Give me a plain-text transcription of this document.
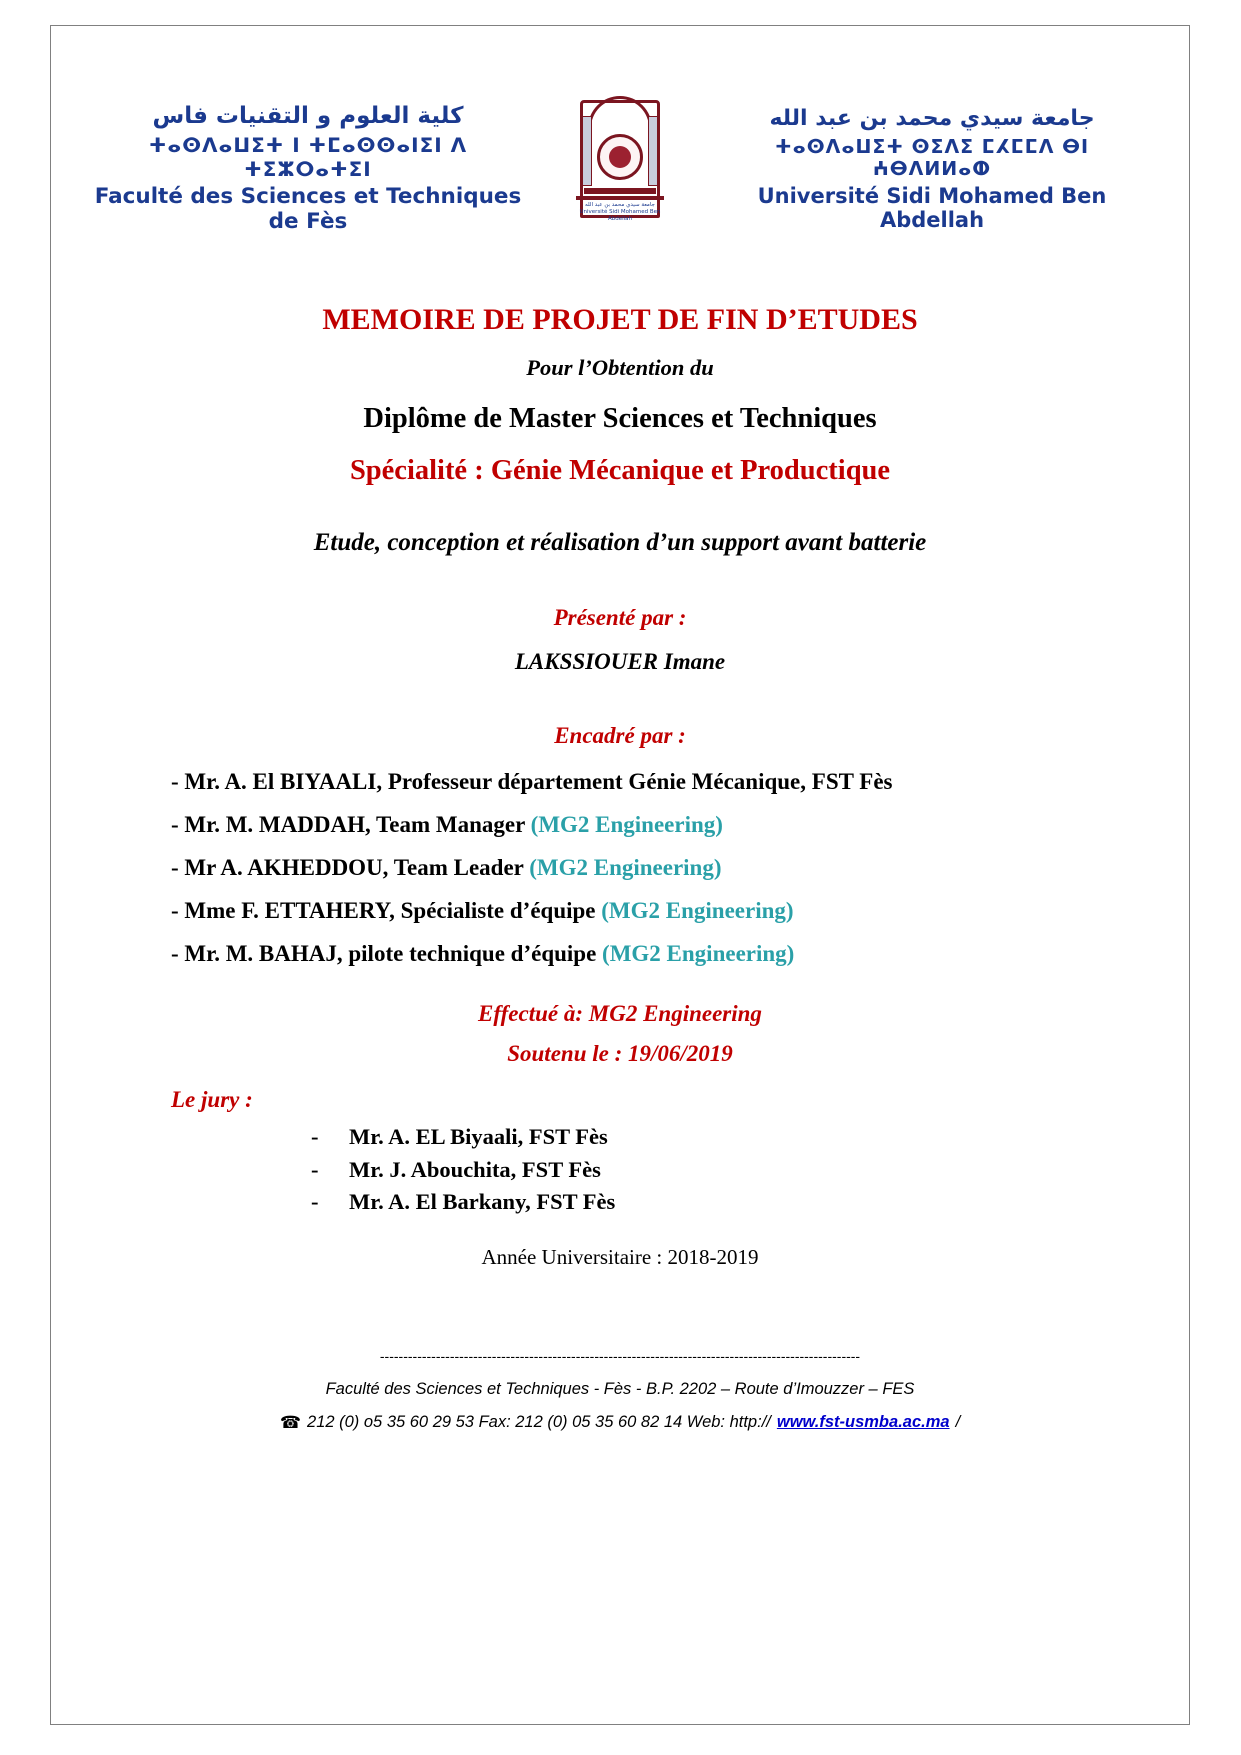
كلية العلوم و التقنيات فاس
ⵜⴰⵙⴷⴰⵡⵉⵜ ⵏ ⵜⵎⴰⵙⵙⴰⵏⵉⵏ ⴷ ⵜⵉⵣⵔⴰⵜⵉⵏ
Faculté des Sciences et Techniques de Fès
جامعة سيدي محمد بن عبد الله Université Sidi Mohamed Ben Abdellah
جامعة سيدي محمد بن عبد الله
ⵜⴰⵙⴷⴰⵡⵉⵜ ⵙⵉⴷⵉ ⵎⵃⵎⵎⴷ ⴱⵏ ⵄⴱⴷⵍⵍⴰⵀ
Université Sidi Mohamed Ben Abdellah
MEMOIRE DE PROJET DE FIN D’ETUDES
Pour l’Obtention du
Diplôme de Master Sciences et Techniques
Spécialité : Génie Mécanique et Productique
Etude, conception et réalisation d’un support avant batterie
Présenté par :
LAKSSIOUER Imane
Encadré par :
- Mr. A. El BIYAALI, Professeur département Génie Mécanique, FST Fès
- Mr. M. MADDAH, Team Manager (MG2 Engineering)
- Mr A. AKHEDDOU, Team Leader (MG2 Engineering)
- Mme F. ETTAHERY, Spécialiste d’équipe (MG2 Engineering)
- Mr. M. BAHAJ, pilote technique d’équipe (MG2 Engineering)
Effectué à: MG2 Engineering
Soutenu le : 19/06/2019
Le jury :
- Mr. A. EL Biyaali, FST Fès
- Mr. J. Abouchita, FST Fès
- Mr. A. El Barkany, FST Fès
Année Universitaire : 2018-2019
-------------------------------------------------------------------------------------------------------
Faculté des Sciences et Techniques - Fès - B.P. 2202 – Route d’Imouzzer – FES
☎ 212 (0) o5 35 60 29 53 Fax: 212 (0) 05 35 60 82 14 Web: http:// www.fst-usmba.ac.ma /
